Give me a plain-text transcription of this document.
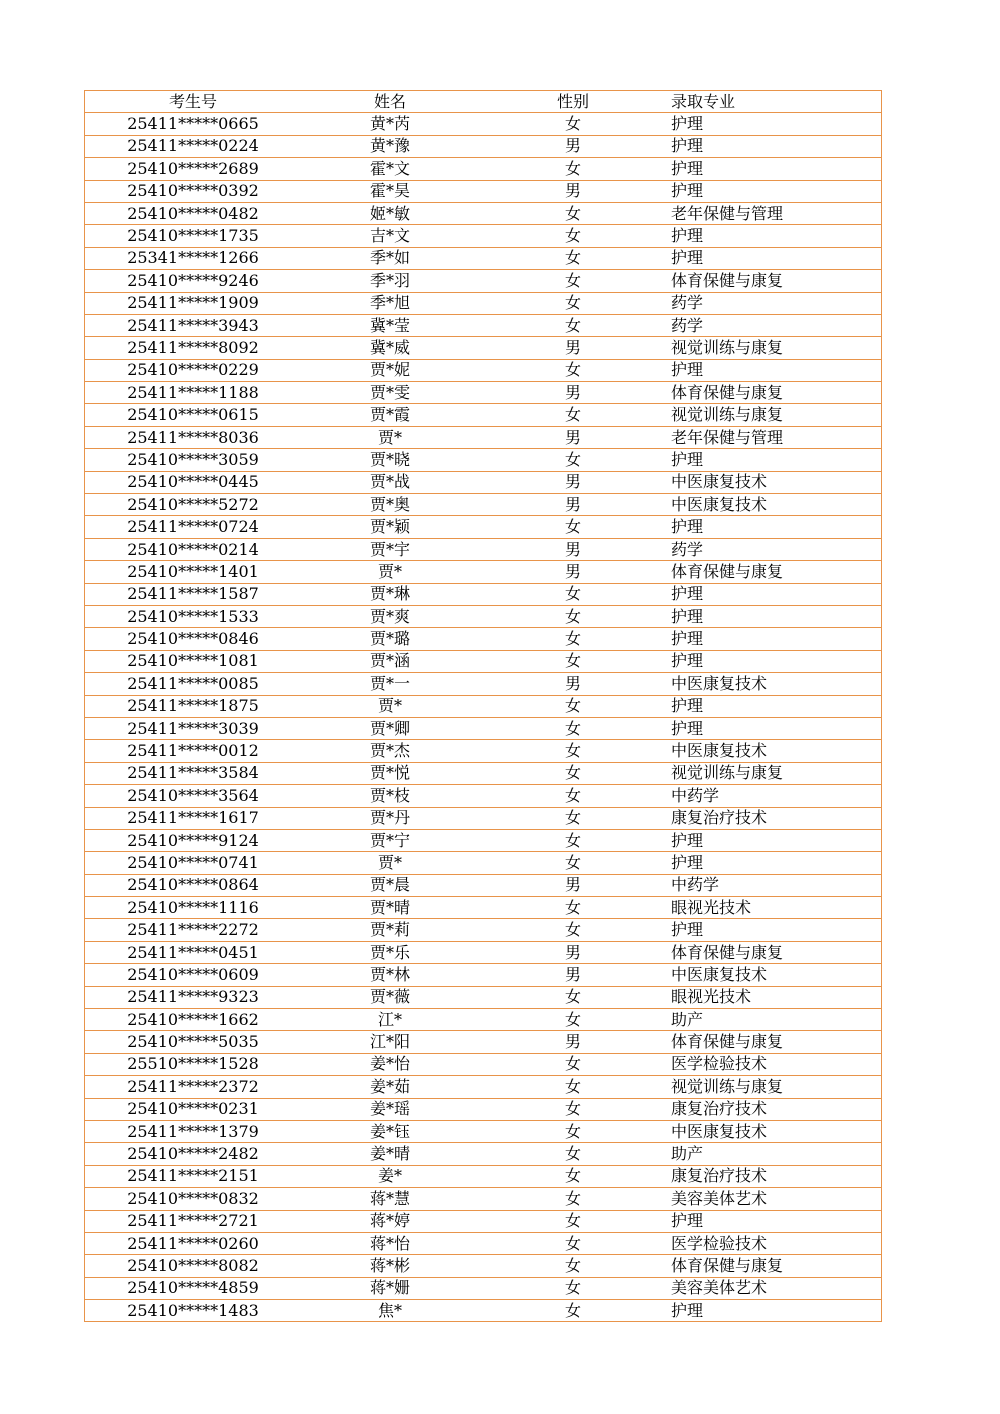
考生号	姓名	性别	录取专业
25411*****0665	黄*芮	女	护理
25411*****0224	黄*豫	男	护理
25410*****2689	霍*文	女	护理
25410*****0392	霍*昊	男	护理
25410*****0482	姬*敏	女	老年保健与管理
25410*****1735	吉*文	女	护理
25341*****1266	季*如	女	护理
25410*****9246	季*羽	女	体育保健与康复
25411*****1909	季*旭	女	药学
25411*****3943	冀*莹	女	药学
25411*****8092	冀*威	男	视觉训练与康复
25410*****0229	贾*妮	女	护理
25411*****1188	贾*雯	男	体育保健与康复
25410*****0615	贾*霞	女	视觉训练与康复
25411*****8036	贾*	男	老年保健与管理
25410*****3059	贾*晓	女	护理
25410*****0445	贾*战	男	中医康复技术
25410*****5272	贾*奥	男	中医康复技术
25411*****0724	贾*颖	女	护理
25410*****0214	贾*宇	男	药学
25410*****1401	贾*	男	体育保健与康复
25411*****1587	贾*琳	女	护理
25410*****1533	贾*爽	女	护理
25410*****0846	贾*璐	女	护理
25410*****1081	贾*涵	女	护理
25411*****0085	贾*一	男	中医康复技术
25411*****1875	贾*	女	护理
25411*****3039	贾*卿	女	护理
25411*****0012	贾*杰	女	中医康复技术
25411*****3584	贾*悦	女	视觉训练与康复
25410*****3564	贾*枝	女	中药学
25411*****1617	贾*丹	女	康复治疗技术
25410*****9124	贾*宁	女	护理
25410*****0741	贾*	女	护理
25410*****0864	贾*晨	男	中药学
25410*****1116	贾*晴	女	眼视光技术
25411*****2272	贾*莉	女	护理
25411*****0451	贾*乐	男	体育保健与康复
25410*****0609	贾*林	男	中医康复技术
25411*****9323	贾*薇	女	眼视光技术
25410*****1662	江*	女	助产
25410*****5035	江*阳	男	体育保健与康复
25510*****1528	姜*怡	女	医学检验技术
25411*****2372	姜*茹	女	视觉训练与康复
25410*****0231	姜*瑶	女	康复治疗技术
25411*****1379	姜*钰	女	中医康复技术
25410*****2482	姜*晴	女	助产
25411*****2151	姜*	女	康复治疗技术
25410*****0832	蒋*慧	女	美容美体艺术
25411*****2721	蒋*婷	女	护理
25411*****0260	蒋*怡	女	医学检验技术
25410*****8082	蒋*彬	女	体育保健与康复
25410*****4859	蒋*姗	女	美容美体艺术
25410*****1483	焦*	女	护理
